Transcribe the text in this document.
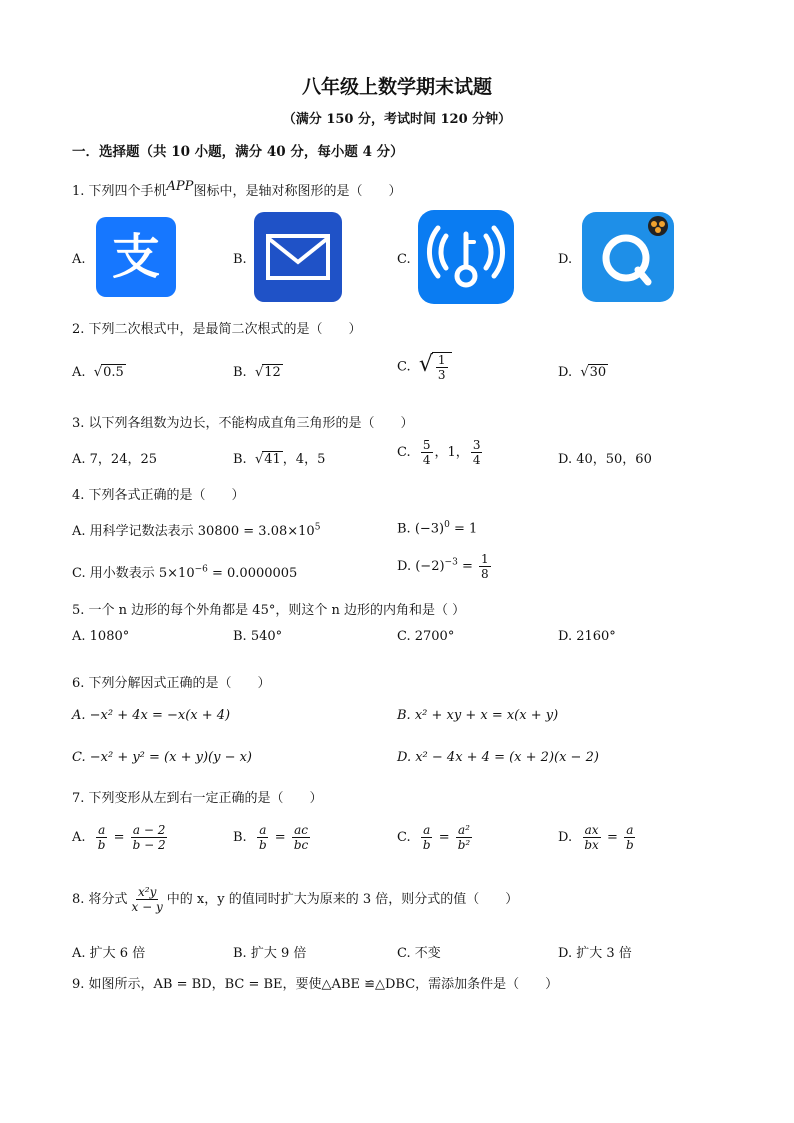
八年级上数学期末试题
（满分 150 分，考试时间 120 分钟）
一．选择题（共 10 小题，满分 40 分，每小题 4 分）
1. 下列四个手机APP图标中，是轴对称图形的是（　　）
A. 支	B.	C.	D.
2. 下列二次根式中，是最简二次根式的是（　　）
A. √0.5	B. √12	C. √ $\frac{1}{3}$	D. √30
3. 以下列各组数为边长，不能构成直角三角形的是（　　）
A. 7，24，25	B. √41 ，4，5	C. $\frac{5}{4}$ ，1， $\frac{3}{4}$	D. 40，50，60
4. 下列各式正确的是（　　）
A. 用科学记数法表示 $30800 = 3.08\times 10^5$	B. $(-3)^0 = 1$
C. 用小数表示 $5\times 10^{-6} = 0.0000005$	D. $(-2)^{-3} = \frac{1}{8}$
5. 一个 n 边形的每个外角都是 45°，则这个 n 边形的内角和是（ ）
A. 1080°	B. 540°	C. 2700°	D. 2160°
6. 下列分解因式正确的是（　　）
A. −x² + 4x = −x(x + 4)	B. x² + xy + x = x(x + y)
C. −x² + y² = (x + y)(y − x)	D. x² − 4x + 4 = (x + 2)(x − 2)
7. 下列变形从左到右一定正确的是（　　）
A. $\frac{a}{b} = \frac{a - 2}{b - 2}$	B. $\frac{a}{b} = \frac{ac}{bc}$	C. $\frac{a}{b} = \frac{\text{a²}}{\text{b²}}$	D. $\frac{ax}{bx} = \frac{a}{b}$
8. 将分式 $\frac{\text{x²y}}{x - y}$ 中的 x，y 的值同时扩大为原来的 3 倍，则分式的值（　　）
A. 扩大 6 倍	B. 扩大 9 倍	C. 不变	D. 扩大 3 倍
9. 如图所示，AB = BD，BC = BE，要使△ABE ≌△DBC，需添加条件是（　　）
